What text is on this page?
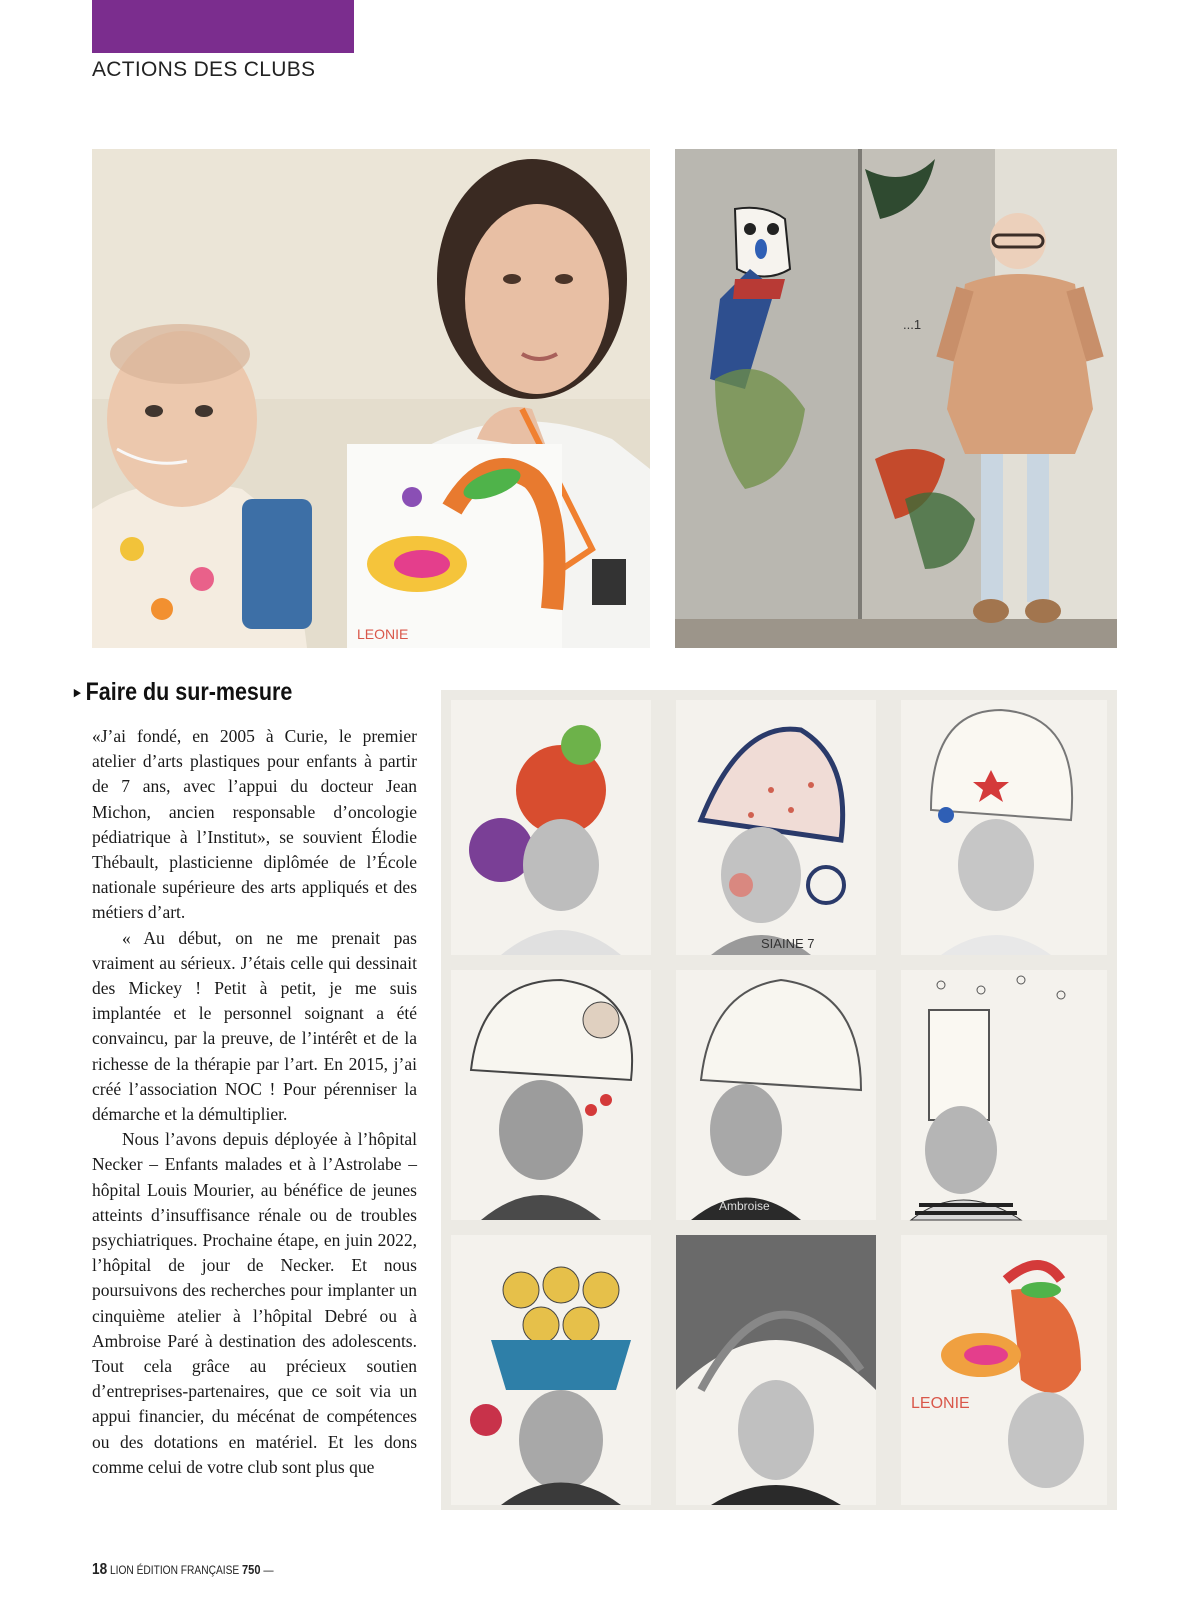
ACTIONS DES CLUBS
LEONIE
...1
SIAINE 7
Ambroise
LEONIE
▸ Faire du sur-mesure

«J’ai fondé, en 2005 à Curie, le premier atelier d’arts plastiques pour enfants à partir de 7 ans, avec l’appui du docteur Jean Michon, ancien responsable d’oncologie pédiatrique à l’Institut», se souvient Élodie Thébault, plasticienne diplômée de l’École nationale supérieure des arts appliqués et des métiers d’art.

« Au début, on ne me prenait pas vraiment au sérieux. J’étais celle qui dessinait des Mickey ! Petit à petit, je me suis implantée et le personnel soignant a été convaincu, par la preuve, de l’intérêt et de la richesse de la thérapie par l’art. En 2015, j’ai créé l’association NOC ! Pour pérenniser la démarche et la démultiplier.

Nous l’avons depuis déployée à l’hôpital Necker – Enfants malades et à l’Astrolabe – hôpital Louis Mourier, au bénéfice de jeunes atteints d’insuffisance rénale ou de troubles psychiatriques. Prochaine étape, en juin 2022, l’hôpital de jour de Necker. Et nous poursuivons des recherches pour implanter un cinquième atelier à l’hôpital Debré ou à Ambroise Paré à destination des adolescents. Tout cela grâce au précieux soutien d’entreprises-partenaires, que ce soit via un appui financier, du mécénat de compétences ou des dotations en matériel. Et les dons comme celui de votre club sont plus que

18 LION ÉDITION FRANÇAISE 750 —
